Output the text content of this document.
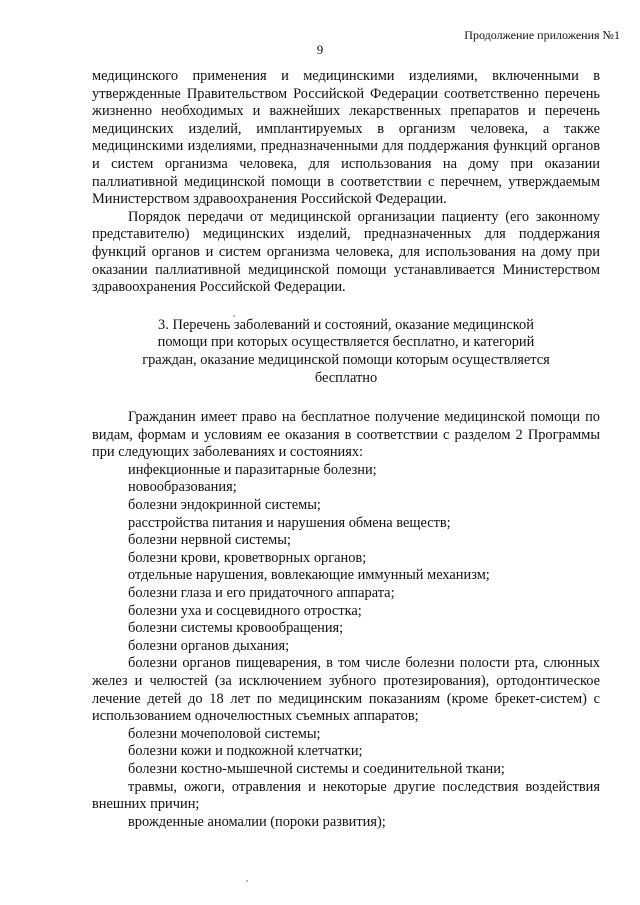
Продолжение приложения №1
9

медицинского применения и медицинскими изделиями, включенными в утвержденные Правительством Российской Федерации соответственно перечень жизненно необходимых и важнейших лекарственных препаратов и перечень медицинских изделий, имплантируемых в организм человека, а также медицинскими изделиями, предназначенными для поддержания функций органов и систем организма человека, для использования на дому при оказании паллиативной медицинской помощи в соответствии с перечнем, утверждаемым Министерством здравоохранения Российской Федерации.

Порядок передачи от медицинской организации пациенту (его законному представителю) медицинских изделий, предназначенных для поддержания функций органов и систем организма человека, для использования на дому при оказании паллиативной медицинской помощи устанавливается Министерством здравоохранения Российской Федерации.

3. Перечень заболеваний и состояний, оказание медицинской помощи при которых осуществляется бесплатно, и категорий граждан, оказание медицинской помощи которым осуществляется бесплатно

Гражданин имеет право на бесплатное получение медицинской помощи по видам, формам и условиям ее оказания в соответствии с разделом 2 Программы при следующих заболеваниях и состояниях:

инфекционные и паразитарные болезни;

новообразования;

болезни эндокринной системы;

расстройства питания и нарушения обмена веществ;

болезни нервной системы;

болезни крови, кроветворных органов;

отдельные нарушения, вовлекающие иммунный механизм;

болезни глаза и его придаточного аппарата;

болезни уха и сосцевидного отростка;

болезни системы кровообращения;

болезни органов дыхания;

болезни органов пищеварения, в том числе болезни полости рта, слюнных желез и челюстей (за исключением зубного протезирования), ортодонтическое лечение детей до 18 лет по медицинским показаниям (кроме брекет-систем) с использованием одночелюстных съемных аппаратов;

болезни мочеполовой системы;

болезни кожи и подкожной клетчатки;

болезни костно-мышечной системы и соединительной ткани;

травмы, ожоги, отравления и некоторые другие последствия воздействия внешних причин;

врожденные аномалии (пороки развития);
